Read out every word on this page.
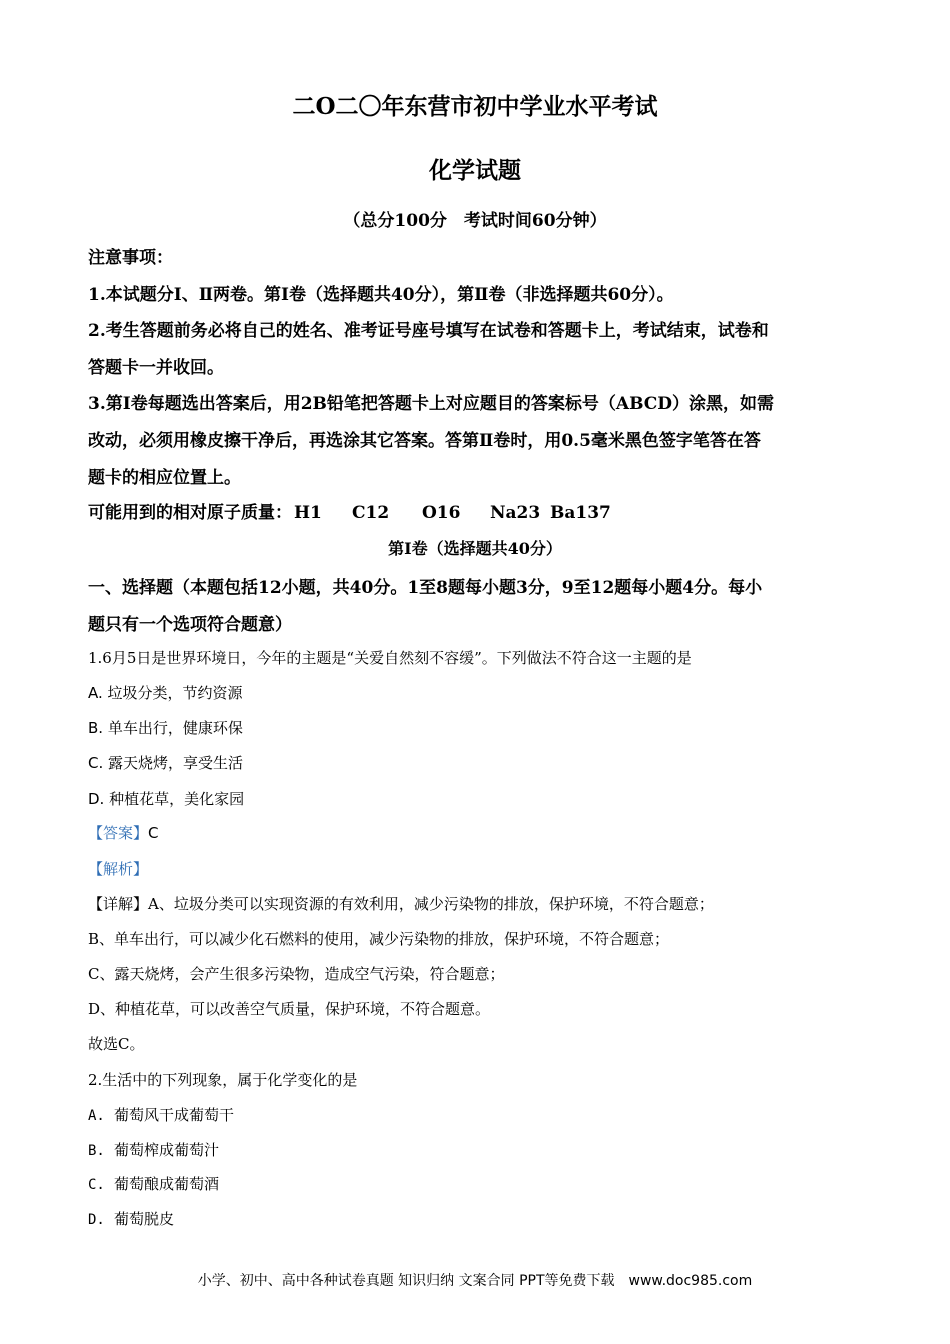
二O二〇年东营市初中学业水平考试
化学试题
（总分100分　考试时间60分钟）
注意事项：
1.本试题分Ⅰ、Ⅱ两卷。第Ⅰ卷（选择题共40分），第Ⅱ卷（非选择题共60分）。
2.考生答题前务必将自己的姓名、准考证号座号填写在试卷和答题卡上，考试结束，试卷和
答题卡一并收回。
3.第Ⅰ卷每题选出答案后，用2B铅笔把答题卡上对应题目的答案标号（ABCD）涂黑，如需
改动，必须用橡皮擦干净后，再选涂其它答案。答第Ⅱ卷时，用0.5毫米黑色签字笔答在答
题卡的相应位置上。
可能用到的相对原子质量： H1 C12 O16 Na23 Ba137
第Ⅰ卷（选择题共40分）
一、选择题（本题包括12小题，共40分。1至8题每小题3分，9至12题每小题4分。每小
题只有一个选项符合题意）
1.6月5日是世界环境日，今年的主题是“关爱自然刻不容缓”。下列做法不符合这一主题的是
A. 垃圾分类，节约资源
B. 单车出行，健康环保
C. 露天烧烤，享受生活
D. 种植花草，美化家园
【答案】C
【解析】
【详解】A、垃圾分类可以实现资源的有效利用，减少污染物的排放，保护环境，不符合题意；
B、单车出行，可以减少化石燃料的使用，减少污染物的排放，保护环境，不符合题意；
C、露天烧烤，会产生很多污染物，造成空气污染，符合题意；
D、种植花草，可以改善空气质量，保护环境，不符合题意。
故选C。
2.生活中的下列现象，属于化学变化的是
A. 葡萄风干成葡萄干
B. 葡萄榨成葡萄汁
C. 葡萄酿成葡萄酒
D. 葡萄脱皮
小学、初中、高中各种试卷真题 知识归纳 文案合同 PPT等免费下载　www.doc985.com
